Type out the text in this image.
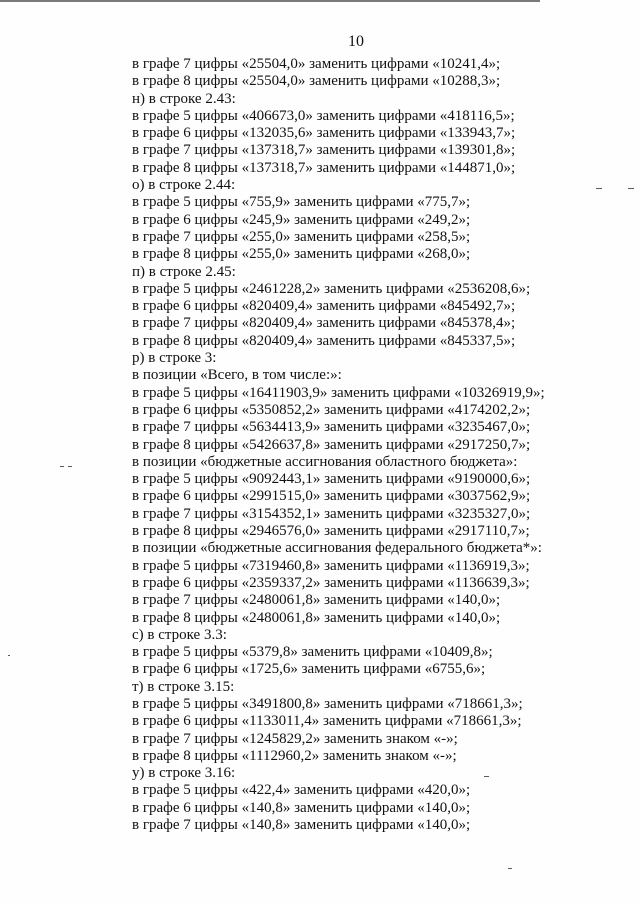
10
в графе 7 цифры «25504,0» заменить цифрами «10241,4»;
в графе 8 цифры «25504,0» заменить цифрами «10288,3»;
н) в строке 2.43:
в графе 5 цифры «406673,0» заменить цифрами «418116,5»;
в графе 6 цифры «132035,6» заменить цифрами «133943,7»;
в графе 7 цифры «137318,7» заменить цифрами «139301,8»;
в графе 8 цифры «137318,7» заменить цифрами «144871,0»;
о) в строке 2.44:
в графе 5 цифры «755,9» заменить цифрами «775,7»;
в графе 6 цифры «245,9» заменить цифрами «249,2»;
в графе 7 цифры «255,0» заменить цифрами «258,5»;
в графе 8 цифры «255,0» заменить цифрами «268,0»;
п) в строке 2.45:
в графе 5 цифры «2461228,2» заменить цифрами «2536208,6»;
в графе 6 цифры «820409,4» заменить цифрами «845492,7»;
в графе 7 цифры «820409,4» заменить цифрами «845378,4»;
в графе 8 цифры «820409,4» заменить цифрами «845337,5»;
р) в строке 3:
в позиции «Всего, в том числе:»:
в графе 5 цифры «16411903,9» заменить цифрами «10326919,9»;
в графе 6 цифры «5350852,2» заменить цифрами «4174202,2»;
в графе 7 цифры «5634413,9» заменить цифрами «3235467,0»;
в графе 8 цифры «5426637,8» заменить цифрами «2917250,7»;
в позиции «бюджетные ассигнования областного бюджета»:
в графе 5 цифры «9092443,1» заменить цифрами «9190000,6»;
в графе 6 цифры «2991515,0» заменить цифрами «3037562,9»;
в графе 7 цифры «3154352,1» заменить цифрами «3235327,0»;
в графе 8 цифры «2946576,0» заменить цифрами «2917110,7»;
в позиции «бюджетные ассигнования федерального бюджета*»:
в графе 5 цифры «7319460,8» заменить цифрами «1136919,3»;
в графе 6 цифры «2359337,2» заменить цифрами «1136639,3»;
в графе 7 цифры «2480061,8» заменить цифрами «140,0»;
в графе 8 цифры «2480061,8» заменить цифрами «140,0»;
с) в строке 3.3:
в графе 5 цифры «5379,8» заменить цифрами «10409,8»;
в графе 6 цифры «1725,6» заменить цифрами «6755,6»;
т) в строке 3.15:
в графе 5 цифры «3491800,8» заменить цифрами «718661,3»;
в графе 6 цифры «1133011,4» заменить цифрами «718661,3»;
в графе 7 цифры «1245829,2» заменить знаком «-»;
в графе 8 цифры «1112960,2» заменить знаком «-»;
у) в строке 3.16:
в графе 5 цифры «422,4» заменить цифрами «420,0»;
в графе 6 цифры «140,8» заменить цифрами «140,0»;
в графе 7 цифры «140,8» заменить цифрами «140,0»;
